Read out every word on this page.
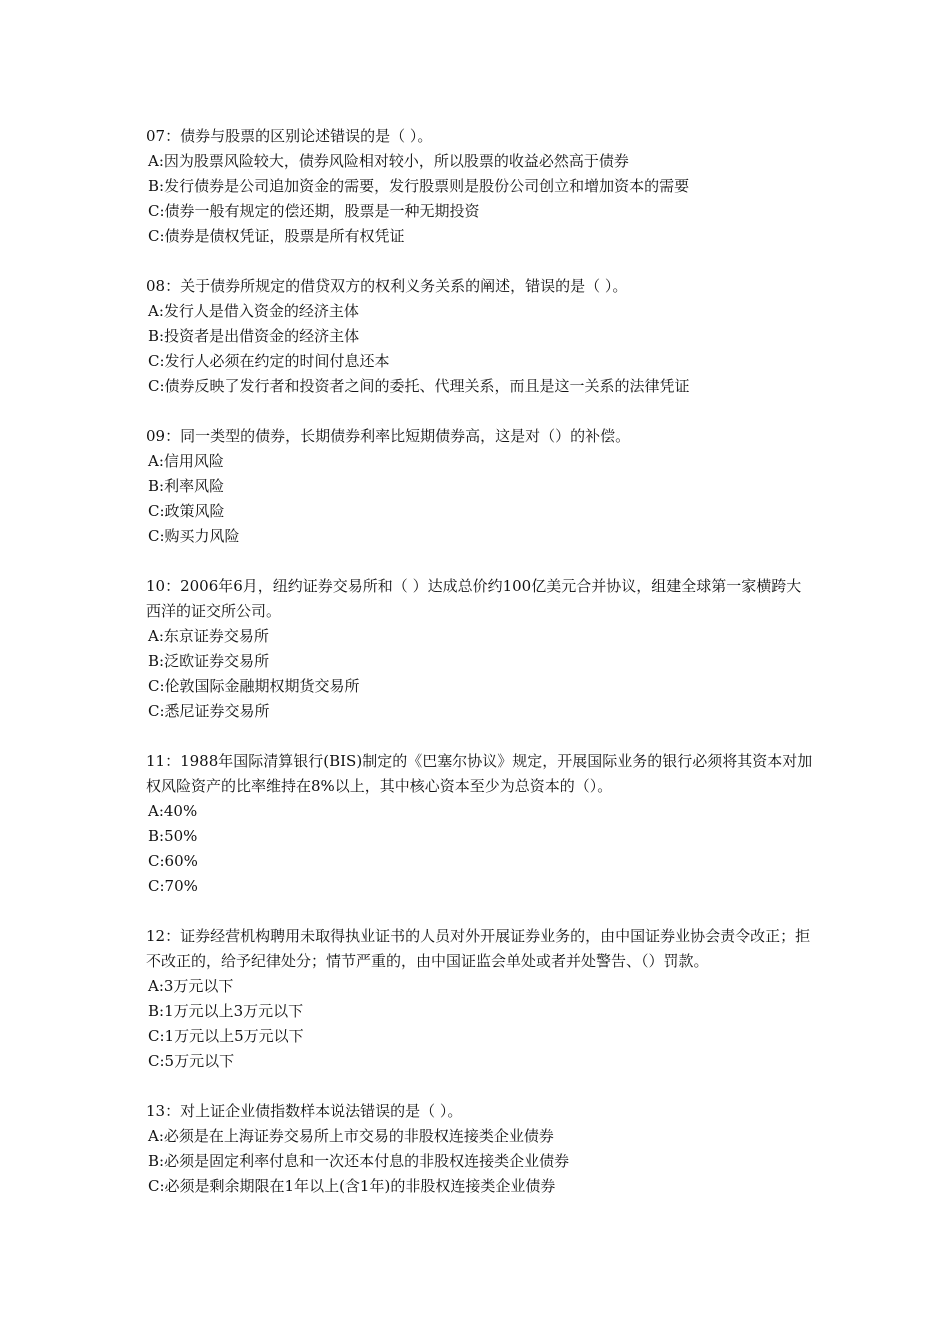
07：债券与股票的区别论述错误的是（ ）。
A:因为股票风险较大，债券风险相对较小，所以股票的收益必然高于债券
B:发行债券是公司追加资金的需要，发行股票则是股份公司创立和增加资本的需要
C:债券一般有规定的偿还期，股票是一种无期投资
C:债券是债权凭证，股票是所有权凭证
08：关于债券所规定的借贷双方的权利义务关系的阐述，错误的是（ ）。
A:发行人是借入资金的经济主体
B:投资者是出借资金的经济主体
C:发行人必须在约定的时间付息还本
C:债券反映了发行者和投资者之间的委托、代理关系，而且是这一关系的法律凭证
09：同一类型的债券，长期债券利率比短期债券高，这是对（）的补偿。
A:信用风险
B:利率风险
C:政策风险
C:购买力风险
10：2006年6月，纽约证券交易所和（ ）达成总价约100亿美元合并协议，组建全球第一家横跨大西洋的证交所公司。
A:东京证券交易所
B:泛欧证券交易所
C:伦敦国际金融期权期货交易所
C:悉尼证券交易所
11：1988年国际清算银行(BIS)制定的《巴塞尔协议》规定，开展国际业务的银行必须将其资本对加权风险资产的比率维持在8%以上，其中核心资本至少为总资本的（）。
A:40%
B:50%
C:60%
C:70%
12：证券经营机构聘用未取得执业证书的人员对外开展证券业务的，由中国证券业协会责令改正；拒不改正的，给予纪律处分；情节严重的，由中国证监会单处或者并处警告、（）罚款。
A:3万元以下
B:1万元以上3万元以下
C:1万元以上5万元以下
C:5万元以下
13：对上证企业债指数样本说法错误的是（ ）。
A:必须是在上海证券交易所上市交易的非股权连接类企业债券
B:必须是固定利率付息和一次还本付息的非股权连接类企业债券
C:必须是剩余期限在1年以上(含1年)的非股权连接类企业债券
